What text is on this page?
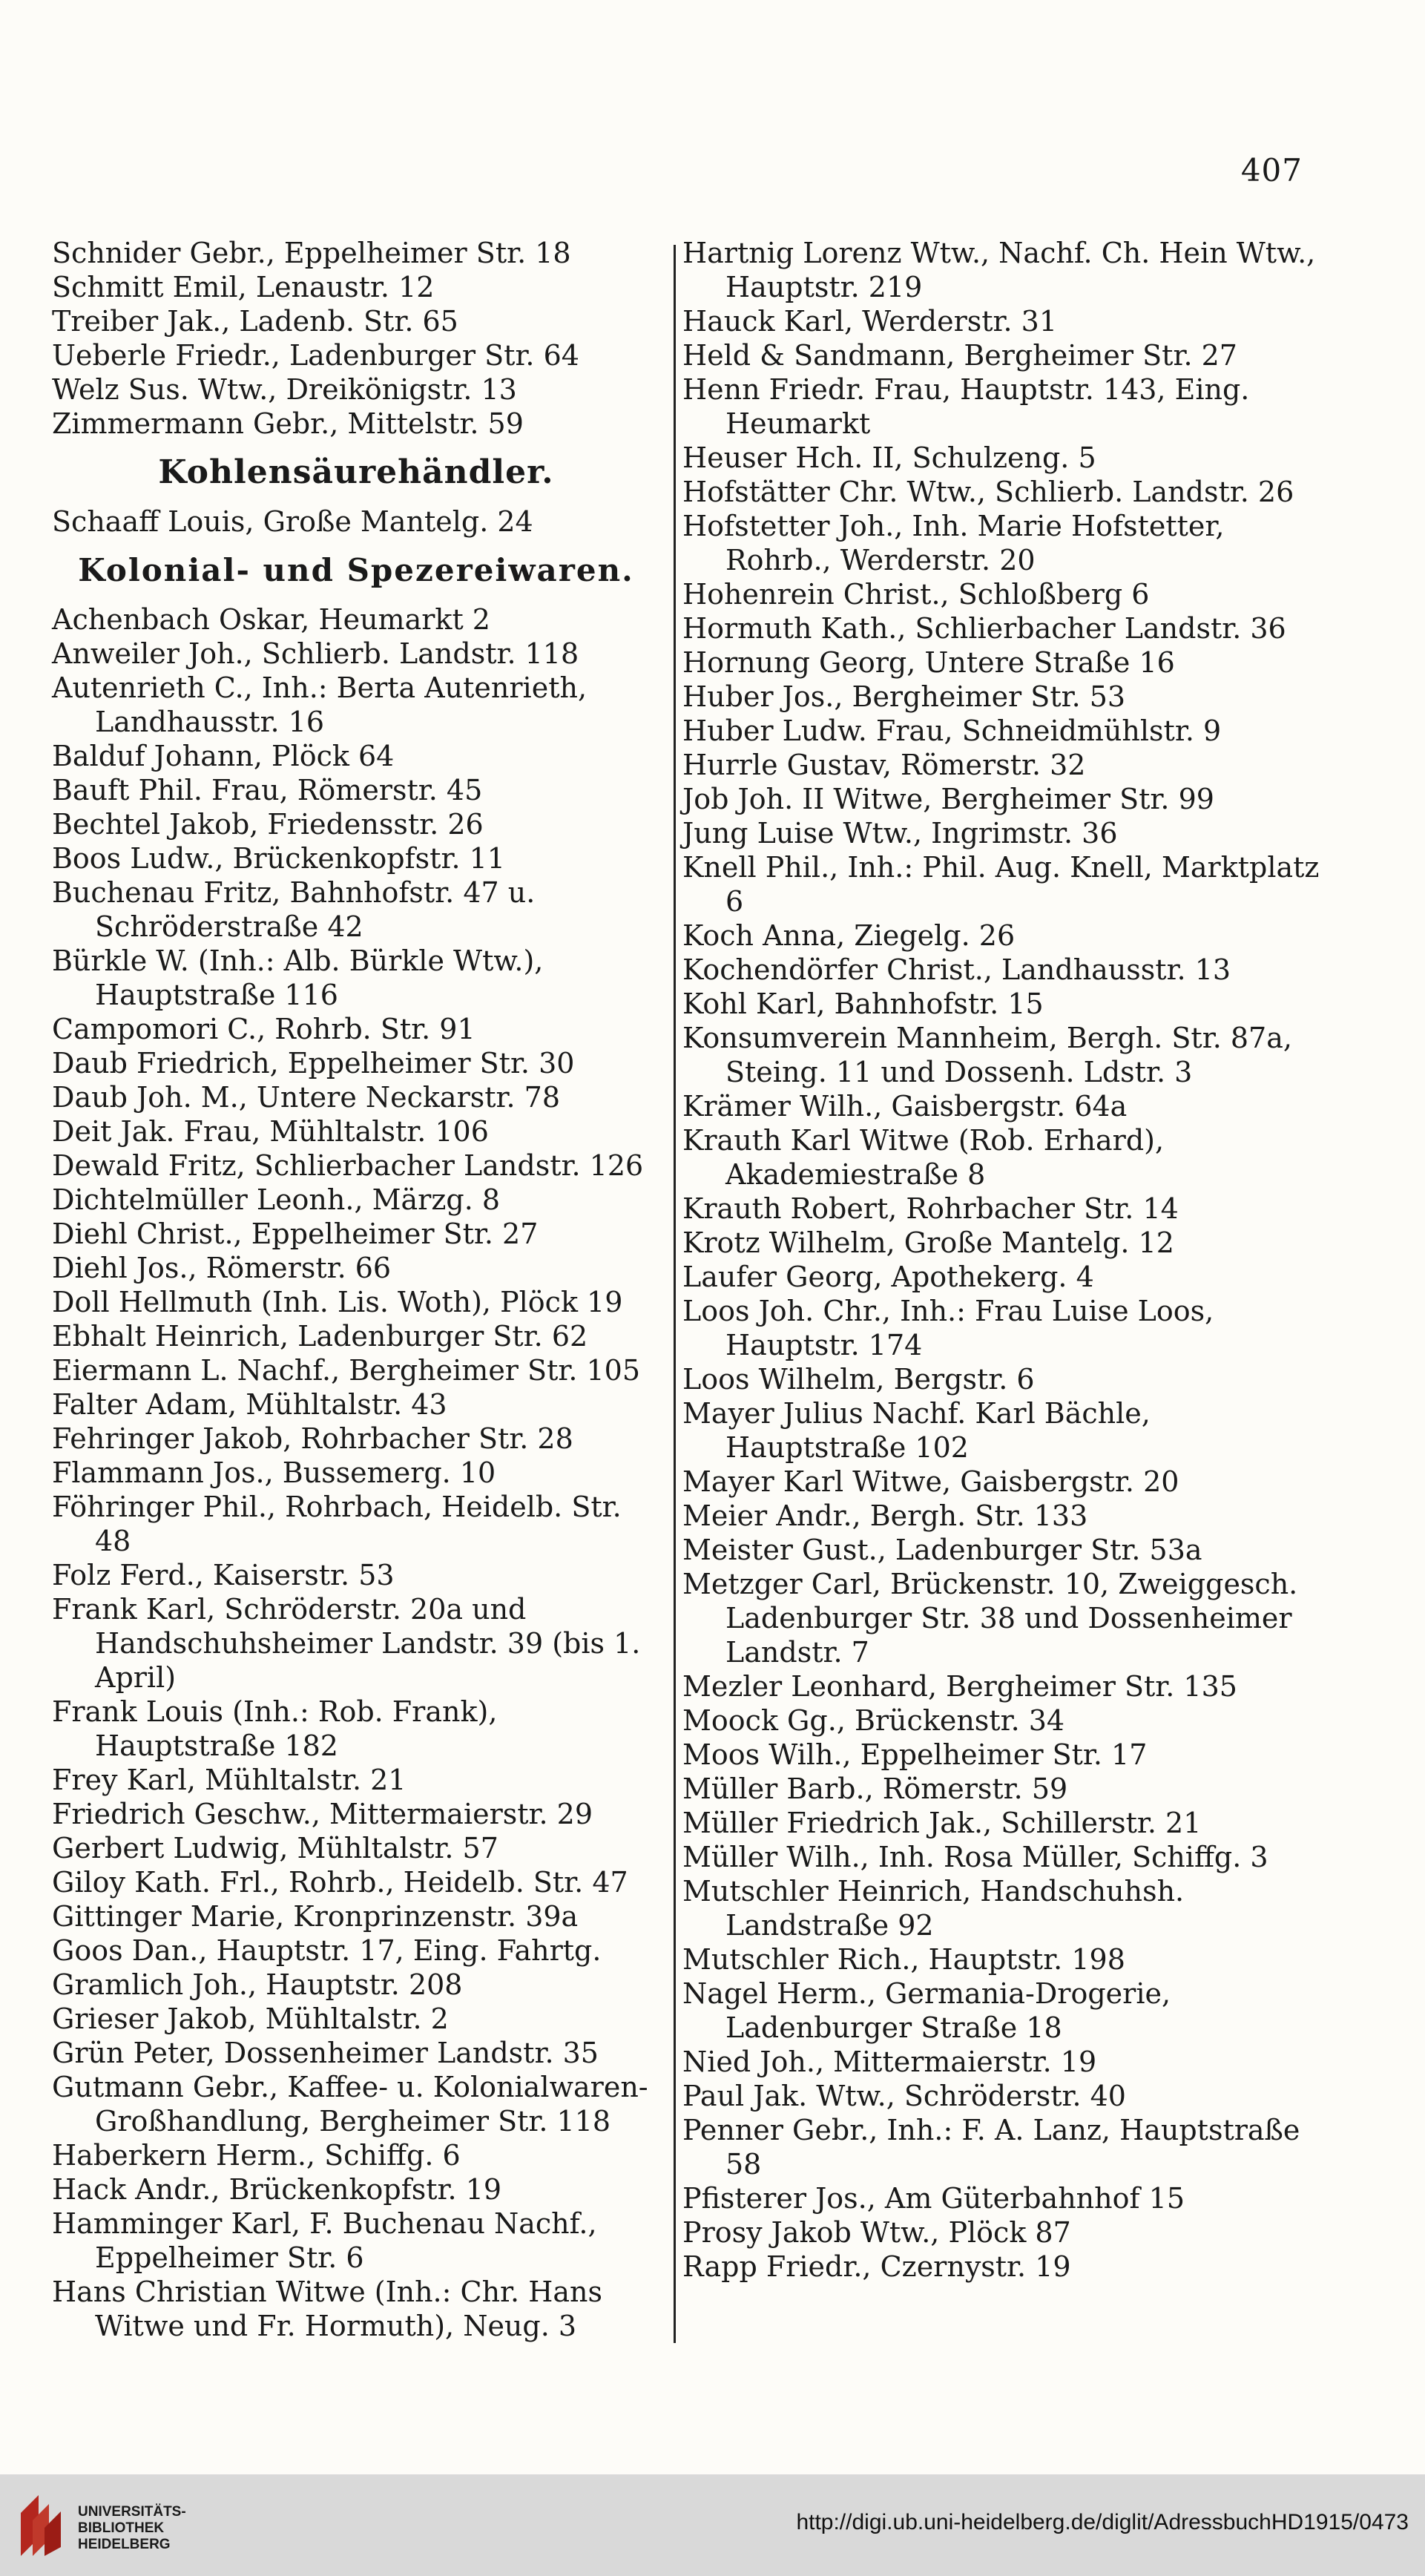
407
Schnider Gebr., Eppelheimer Str. 18
Schmitt Emil, Lenaustr. 12
Treiber Jak., Ladenb. Str. 65
Ueberle Friedr., Ladenburger Str. 64
Welz Sus. Wtw., Dreikönigstr. 13
Zimmermann Gebr., Mittelstr. 59
Kohlensäurehändler.
Schaaff Louis, Große Mantelg. 24
Kolonial- und Spezereiwaren.
Achenbach Oskar, Heumarkt 2
Anweiler Joh., Schlierb. Landstr. 118
Autenrieth C., Inh.: Berta Autenrieth, Landhausstr. 16
Balduf Johann, Plöck 64
Bauft Phil. Frau, Römerstr. 45
Bechtel Jakob, Friedensstr. 26
Boos Ludw., Brückenkopfstr. 11
Buchenau Fritz, Bahnhofstr. 47 u. Schröderstraße 42
Bürkle W. (Inh.: Alb. Bürkle Wtw.), Hauptstraße 116
Campomori C., Rohrb. Str. 91
Daub Friedrich, Eppelheimer Str. 30
Daub Joh. M., Untere Neckarstr. 78
Deit Jak. Frau, Mühltalstr. 106
Dewald Fritz, Schlierbacher Landstr. 126
Dichtelmüller Leonh., Märzg. 8
Diehl Christ., Eppelheimer Str. 27
Diehl Jos., Römerstr. 66
Doll Hellmuth (Inh. Lis. Woth), Plöck 19
Ebhalt Heinrich, Ladenburger Str. 62
Eiermann L. Nachf., Bergheimer Str. 105
Falter Adam, Mühltalstr. 43
Fehringer Jakob, Rohrbacher Str. 28
Flammann Jos., Bussemerg. 10
Föhringer Phil., Rohrbach, Heidelb. Str. 48
Folz Ferd., Kaiserstr. 53
Frank Karl, Schröderstr. 20a und Handschuhsheimer Landstr. 39 (bis 1. April)
Frank Louis (Inh.: Rob. Frank), Hauptstraße 182
Frey Karl, Mühltalstr. 21
Friedrich Geschw., Mittermaierstr. 29
Gerbert Ludwig, Mühltalstr. 57
Giloy Kath. Frl., Rohrb., Heidelb. Str. 47
Gittinger Marie, Kronprinzenstr. 39a
Goos Dan., Hauptstr. 17, Eing. Fahrtg.
Gramlich Joh., Hauptstr. 208
Grieser Jakob, Mühltalstr. 2
Grün Peter, Dossenheimer Landstr. 35
Gutmann Gebr., Kaffee- u. Kolonialwaren-Großhandlung, Bergheimer Str. 118
Haberkern Herm., Schiffg. 6
Hack Andr., Brückenkopfstr. 19
Hamminger Karl, F. Buchenau Nachf., Eppelheimer Str. 6
Hans Christian Witwe (Inh.: Chr. Hans Witwe und Fr. Hormuth), Neug. 3
Hartnig Lorenz Wtw., Nachf. Ch. Hein Wtw., Hauptstr. 219
Hauck Karl, Werderstr. 31
Held & Sandmann, Bergheimer Str. 27
Henn Friedr. Frau, Hauptstr. 143, Eing. Heumarkt
Heuser Hch. II, Schulzeng. 5
Hofstätter Chr. Wtw., Schlierb. Landstr. 26
Hofstetter Joh., Inh. Marie Hofstetter, Rohrb., Werderstr. 20
Hohenrein Christ., Schloßberg 6
Hormuth Kath., Schlierbacher Landstr. 36
Hornung Georg, Untere Straße 16
Huber Jos., Bergheimer Str. 53
Huber Ludw. Frau, Schneidmühlstr. 9
Hurrle Gustav, Römerstr. 32
Job Joh. II Witwe, Bergheimer Str. 99
Jung Luise Wtw., Ingrimstr. 36
Knell Phil., Inh.: Phil. Aug. Knell, Marktplatz 6
Koch Anna, Ziegelg. 26
Kochendörfer Christ., Landhausstr. 13
Kohl Karl, Bahnhofstr. 15
Konsumverein Mannheim, Bergh. Str. 87a, Steing. 11 und Dossenh. Ldstr. 3
Krämer Wilh., Gaisbergstr. 64a
Krauth Karl Witwe (Rob. Erhard), Akademiestraße 8
Krauth Robert, Rohrbacher Str. 14
Krotz Wilhelm, Große Mantelg. 12
Laufer Georg, Apothekerg. 4
Loos Joh. Chr., Inh.: Frau Luise Loos, Hauptstr. 174
Loos Wilhelm, Bergstr. 6
Mayer Julius Nachf. Karl Bächle, Hauptstraße 102
Mayer Karl Witwe, Gaisbergstr. 20
Meier Andr., Bergh. Str. 133
Meister Gust., Ladenburger Str. 53a
Metzger Carl, Brückenstr. 10, Zweiggesch. Ladenburger Str. 38 und Dossenheimer Landstr. 7
Mezler Leonhard, Bergheimer Str. 135
Moock Gg., Brückenstr. 34
Moos Wilh., Eppelheimer Str. 17
Müller Barb., Römerstr. 59
Müller Friedrich Jak., Schillerstr. 21
Müller Wilh., Inh. Rosa Müller, Schiffg. 3
Mutschler Heinrich, Handschuhsh. Landstraße 92
Mutschler Rich., Hauptstr. 198
Nagel Herm., Germania-Drogerie, Ladenburger Straße 18
Nied Joh., Mittermaierstr. 19
Paul Jak. Wtw., Schröderstr. 40
Penner Gebr., Inh.: F. A. Lanz, Hauptstraße 58
Pfisterer Jos., Am Güterbahnhof 15
Prosy Jakob Wtw., Plöck 87
Rapp Friedr., Czernystr. 19
UNIVERSITÄTS-
BIBLIOTHEK
HEIDELBERG
http://digi.ub.uni-heidelberg.de/diglit/AdressbuchHD1915/0473
